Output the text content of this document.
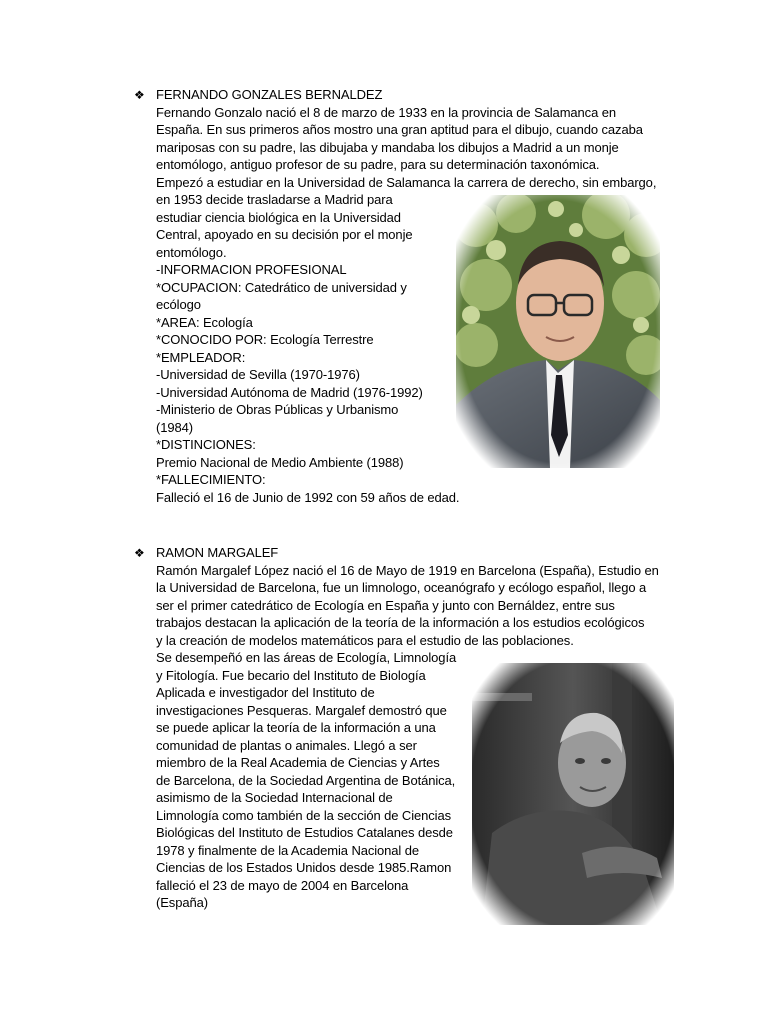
❖ FERNANDO GONZALES BERNALDEZ
Fernando Gonzalo nació el 8 de marzo de 1933 en la provincia de Salamanca en
España. En sus primeros años mostro una gran aptitud para el dibujo, cuando cazaba
mariposas con su padre, las dibujaba y mandaba los dibujos a Madrid a un monje
entomólogo, antiguo profesor de su padre, para su determinación taxonómica.
Empezó a estudiar en la Universidad de Salamanca la carrera de derecho, sin embargo,
en 1953 decide trasladarse a Madrid para
estudiar ciencia biológica en la Universidad
Central, apoyado en su decisión por el monje
entomólogo.
-INFORMACION PROFESIONAL
*OCUPACION: Catedrático de universidad y
ecólogo
*AREA: Ecología
*CONOCIDO POR: Ecología Terrestre
*EMPLEADOR:
-Universidad de Sevilla (1970-1976)
-Universidad Autónoma de Madrid (1976-1992)
-Ministerio de Obras Públicas y Urbanismo
(1984)
*DISTINCIONES:
Premio Nacional de Medio Ambiente (1988)
*FALLECIMIENTO:
Falleció el 16 de Junio de 1992 con 59 años de edad.
❖ RAMON MARGALEF
Ramón Margalef López nació el 16 de Mayo de 1919 en Barcelona (España), Estudio en
la Universidad de Barcelona, fue un limnologo, oceanógrafo y ecólogo español, llego a
ser el primer catedrático de Ecología en España y junto con Bernáldez, entre sus
trabajos destacan la aplicación de la teoría de la información a los estudios ecológicos
y la creación de modelos matemáticos para el estudio de las poblaciones.
Se desempeñó en las áreas de Ecología, Limnología
y Fitología. Fue becario del Instituto de Biología
Aplicada e investigador del Instituto de
investigaciones Pesqueras. Margalef demostró que
se puede aplicar la teoría de la información a una
comunidad de plantas o animales. Llegó a ser
miembro de la Real Academia de Ciencias y Artes
de Barcelona, de la Sociedad Argentina de Botánica,
asimismo de la Sociedad Internacional de
Limnología como también de la sección de Ciencias
Biológicas del Instituto de Estudios Catalanes desde
1978 y finalmente de la Academia Nacional de
Ciencias de los Estados Unidos desde 1985.Ramon
falleció el 23 de mayo de 2004 en Barcelona
(España)
